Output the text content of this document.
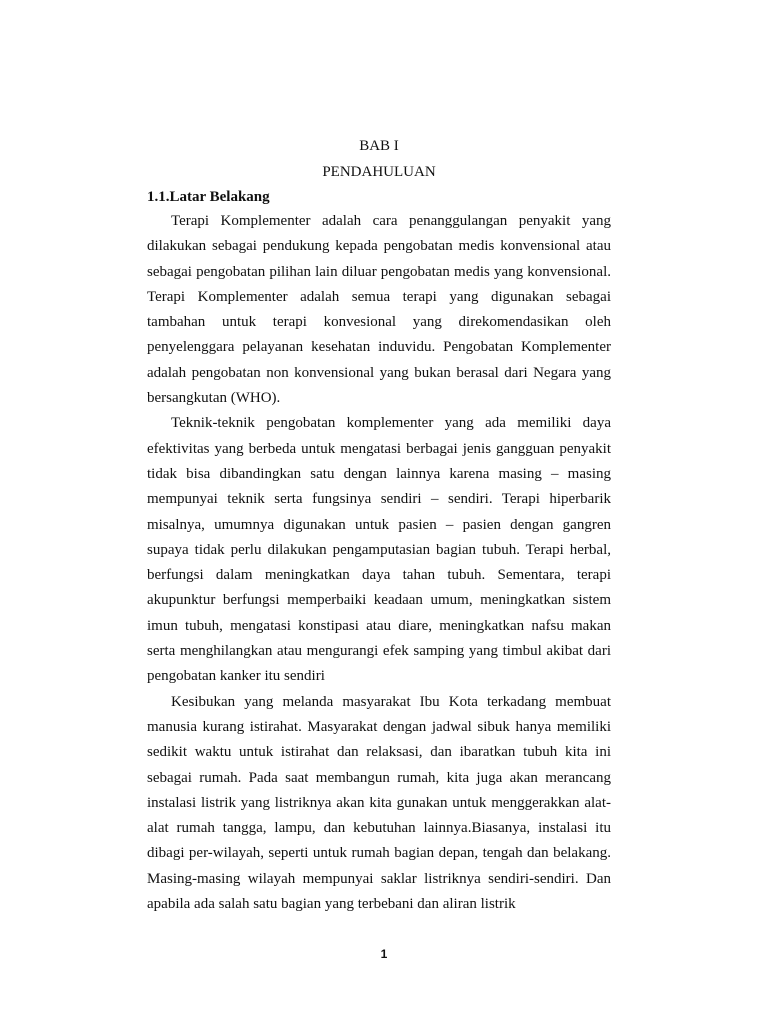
BAB I
PENDAHULUAN
1.1.Latar Belakang

Terapi Komplementer adalah cara penanggulangan penyakit yang dilakukan sebagai pendukung kepada pengobatan medis konvensional atau sebagai pengobatan pilihan lain diluar pengobatan medis yang konvensional. Terapi Komplementer adalah semua terapi yang digunakan sebagai tambahan untuk terapi konvesional yang direkomendasikan oleh penyelenggara pelayanan kesehatan induvidu. Pengobatan Komplementer adalah pengobatan non konvensional yang bukan berasal dari Negara yang bersangkutan (WHO).

Teknik-teknik pengobatan komplementer yang ada memiliki daya efektivitas yang berbeda untuk mengatasi berbagai jenis gangguan penyakit tidak bisa dibandingkan satu dengan lainnya karena masing – masing mempunyai teknik serta fungsinya sendiri – sendiri. Terapi hiperbarik misalnya, umumnya digunakan untuk pasien – pasien dengan gangren supaya tidak perlu dilakukan pengamputasian bagian tubuh. Terapi herbal, berfungsi dalam meningkatkan daya tahan tubuh. Sementara, terapi akupunktur berfungsi memperbaiki keadaan umum, meningkatkan sistem imun tubuh, mengatasi konstipasi atau diare, meningkatkan nafsu makan serta menghilangkan atau mengurangi efek samping yang timbul akibat dari pengobatan kanker itu sendiri

Kesibukan yang melanda masyarakat Ibu Kota terkadang membuat manusia kurang istirahat. Masyarakat dengan jadwal sibuk hanya memiliki sedikit waktu untuk istirahat dan relaksasi, dan ibaratkan tubuh kita ini sebagai rumah. Pada saat membangun rumah, kita juga akan merancang instalasi listrik yang listriknya akan kita gunakan untuk menggerakkan alat-alat rumah tangga, lampu, dan kebutuhan lainnya.Biasanya, instalasi itu dibagi per-wilayah, seperti untuk rumah bagian depan, tengah dan belakang. Masing-masing wilayah mempunyai saklar listriknya sendiri-sendiri. Dan apabila ada salah satu bagian yang terbebani dan aliran listrik

1
